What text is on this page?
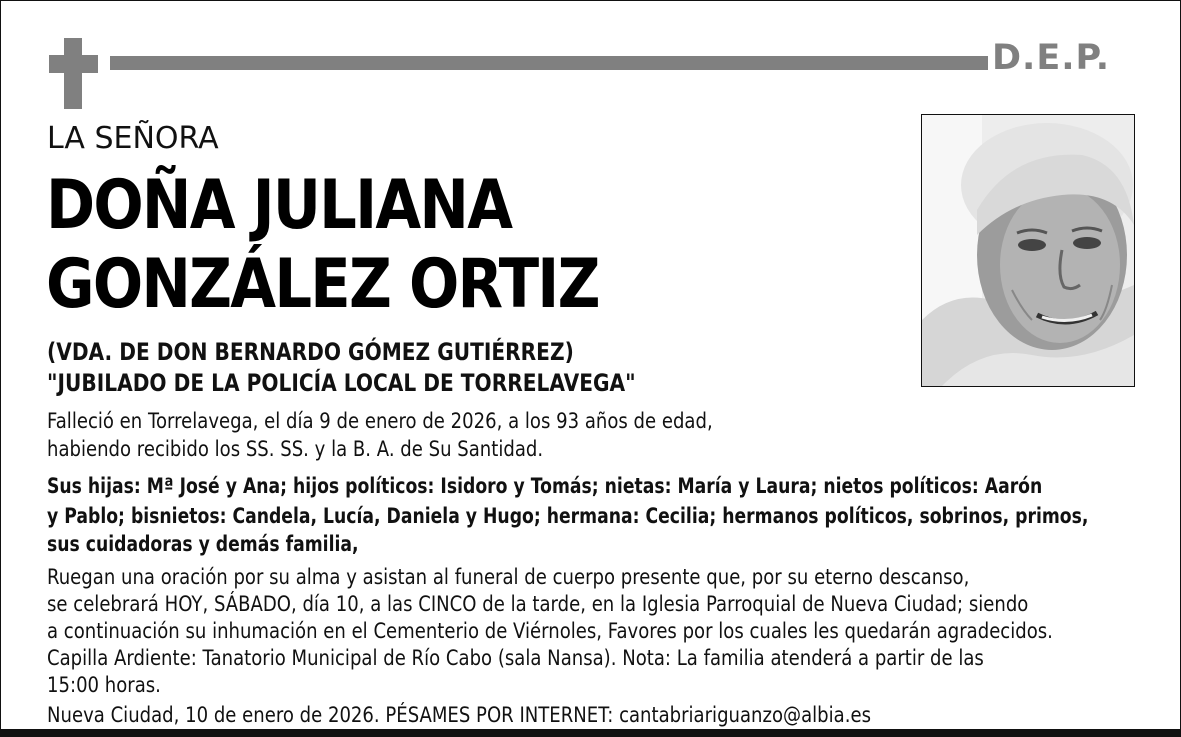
D.E.P.
LA SEÑORA
DOÑA JULIANA
GONZÁLEZ ORTIZ
(VDA. DE DON BERNARDO GÓMEZ GUTIÉRREZ)
"JUBILADO DE LA POLICÍA LOCAL DE TORRELAVEGA"
Falleció en Torrelavega, el día 9 de enero de 2026, a los 93 años de edad,
habiendo recibido los SS. SS. y la B. A. de Su Santidad.
Sus hijas: Mª José y Ana; hijos políticos: Isidoro y Tomás; nietas: María y Laura; nietos políticos: Aarón
y Pablo; bisnietos: Candela, Lucía, Daniela y Hugo; hermana: Cecilia; hermanos políticos, sobrinos, primos,
sus cuidadoras y demás familia,
Ruegan una oración por su alma y asistan al funeral de cuerpo presente que, por su eterno descanso,
se celebrará HOY, SÁBADO, día 10, a las CINCO de la tarde, en la Iglesia Parroquial de Nueva Ciudad; siendo
a continuación su inhumación en el Cementerio de Viérnoles, Favores por los cuales les quedarán agradecidos.
Capilla Ardiente: Tanatorio Municipal de Río Cabo (sala Nansa). Nota: La familia atenderá a partir de las
15:00 horas.
Nueva Ciudad, 10 de enero de 2026. PÉSAMES POR INTERNET: cantabriariguanzo@albia.es
